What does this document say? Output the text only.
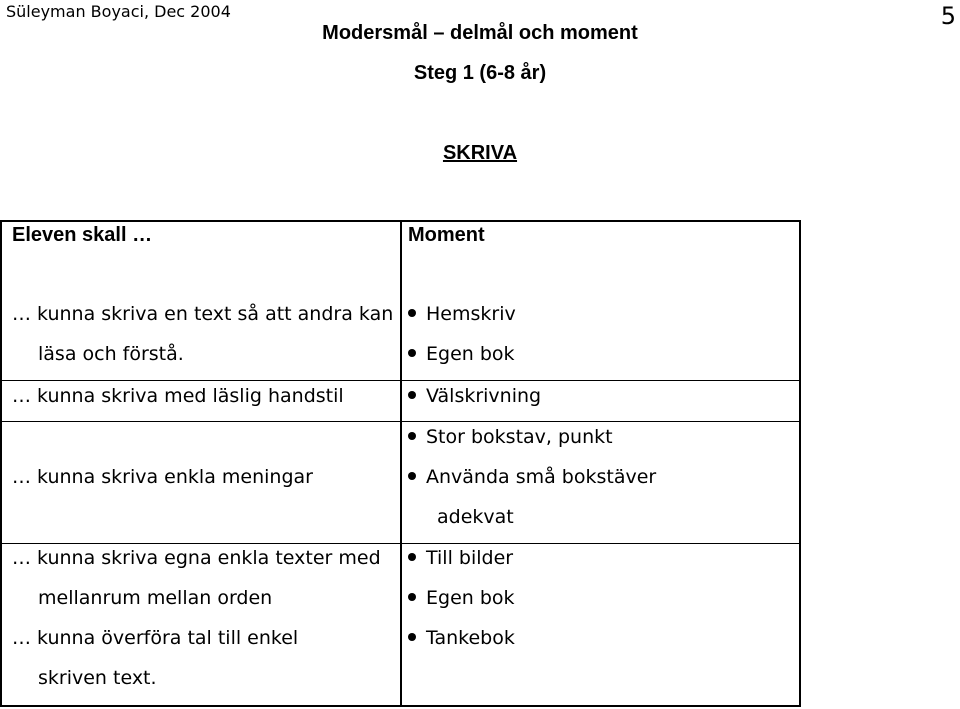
Süleyman Boyaci, Dec 2004	5
Modersmål – delmål och moment
Steg 1 (6-8 år)
SKRIVA
Eleven skall …	Moment
… kunna skriva en text så att andra kan
läsa och förstå.
… kunna skriva med läslig handstil
… kunna skriva enkla meningar
… kunna skriva egna enkla texter med
mellanrum mellan orden
… kunna överföra tal till enkel
skriven text.
Hemskriv
Egen bok
Välskrivning
Stor bokstav, punkt
Använda små bokstäver
adekvat
Till bilder
Egen bok
Tankebok
